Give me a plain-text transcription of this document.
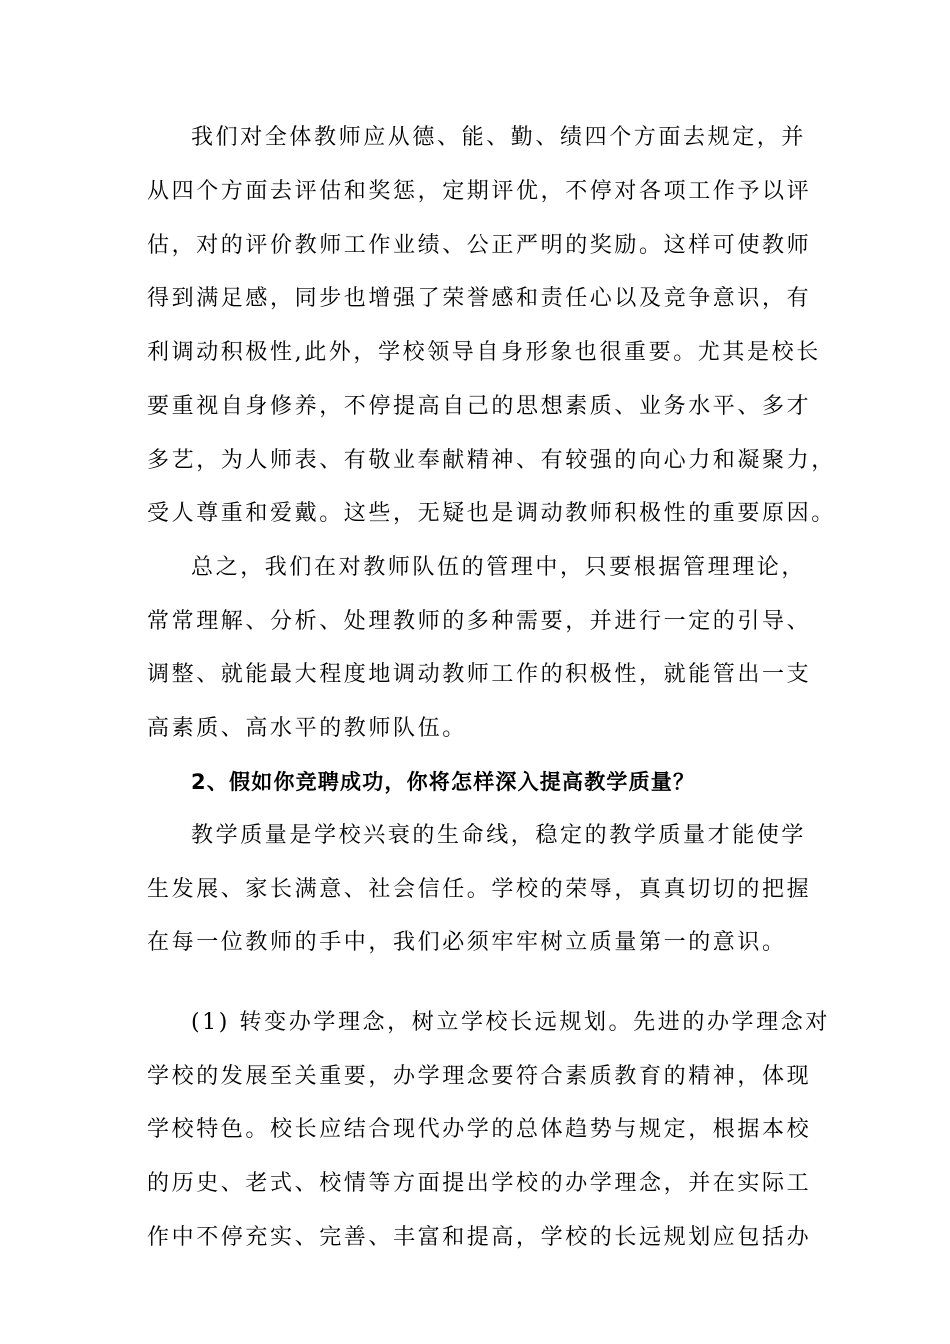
我们对全体教师应从德、能、勤、绩四个方面去规定，并
从四个方面去评估和奖惩，定期评优，不停对各项工作予以评
估，对的评价教师工作业绩、公正严明的奖励。这样可使教师
得到满足感，同步也增强了荣誉感和责任心以及竞争意识，有
利调动积极性,此外，学校领导自身形象也很重要。尤其是校长
要重视自身修养，不停提高自己的思想素质、业务水平、多才
多艺，为人师表、有敬业奉献精神、有较强的向心力和凝聚力，
受人尊重和爱戴。这些，无疑也是调动教师积极性的重要原因。
总之，我们在对教师队伍的管理中，只要根据管理理论，
常常理解、分析、处理教师的多种需要，并进行一定的引导、
调整、就能最大程度地调动教师工作的积极性，就能管出一支
高素质、高水平的教师队伍。
2、假如你竞聘成功，你将怎样深入提高教学质量？
教学质量是学校兴衰的生命线，稳定的教学质量才能使学
生发展、家长满意、社会信任。学校的荣辱，真真切切的把握
在每一位教师的手中，我们必须牢牢树立质量第一的意识。
(1) 转变办学理念，树立学校长远规划。先进的办学理念对
学校的发展至关重要，办学理念要符合素质教育的精神，体现
学校特色。校长应结合现代办学的总体趋势与规定，根据本校
的历史、老式、校情等方面提出学校的办学理念，并在实际工
作中不停充实、完善、丰富和提高，学校的长远规划应包括办
